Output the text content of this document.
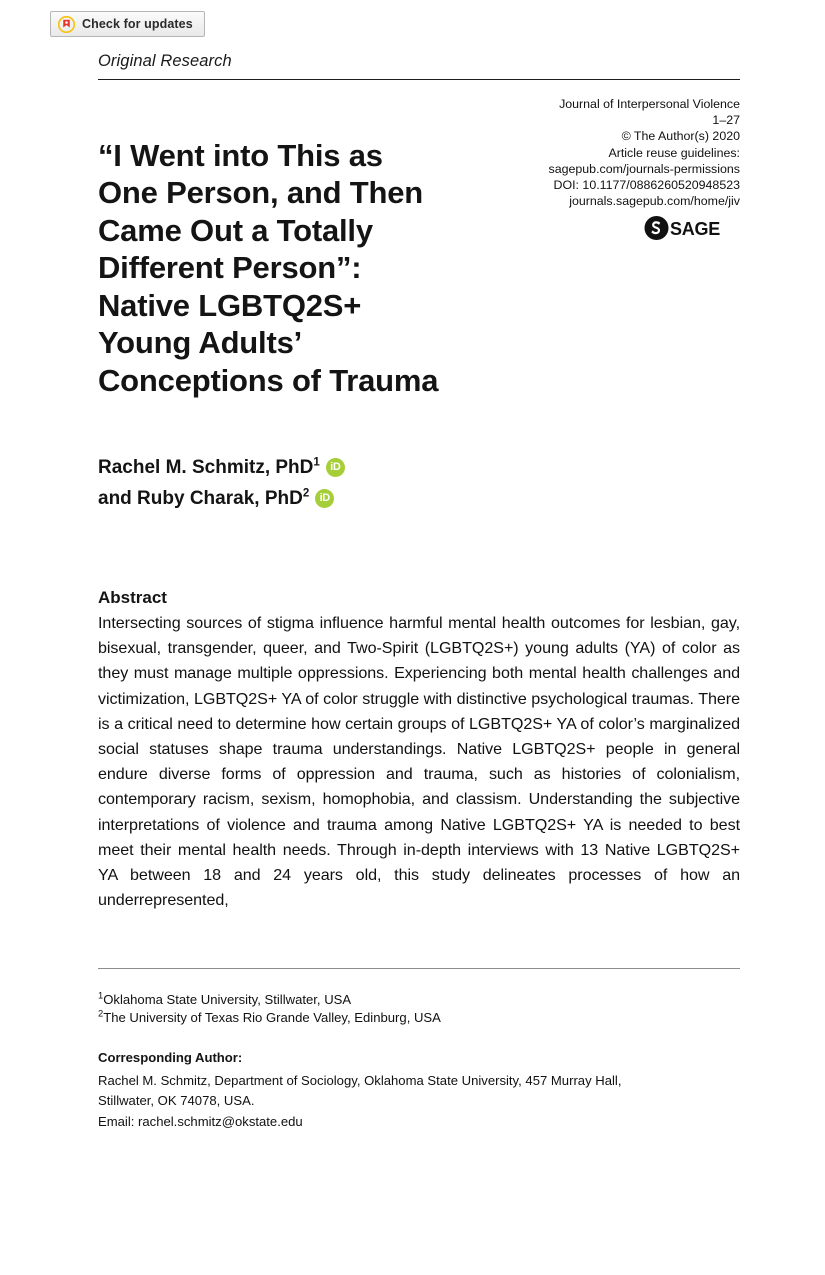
Check for updates
Original Research
Journal of Interpersonal Violence
1–27
© The Author(s) 2020
Article reuse guidelines:
sagepub.com/journals-permissions
DOI: 10.1177/0886260520948523
journals.sagepub.com/home/jiv
SAGE
“I Went into This as
One Person, and Then
Came Out a Totally
Different Person”:
Native LGBTQ2S+
Young Adults’
Conceptions of Trauma
Rachel M. Schmitz, PhD$^1$ iD
and Ruby Charak, PhD$^2$ iD
Abstract
Intersecting sources of stigma influence harmful mental health outcomes for lesbian, gay, bisexual, transgender, queer, and Two-Spirit (LGBTQ2S+) young adults (YA) of color as they must manage multiple oppressions. Experiencing both mental health challenges and victimization, LGBTQ2S+ YA of color struggle with distinctive psychological traumas. There is a critical need to determine how certain groups of LGBTQ2S+ YA of color’s marginalized social statuses shape trauma understandings. Native LGBTQ2S+ people in general endure diverse forms of oppression and trauma, such as histories of colonialism, contemporary racism, sexism, homophobia, and classism. Understanding the subjective interpretations of violence and trauma among Native LGBTQ2S+ YA is needed to best meet their mental health needs. Through in-depth interviews with 13 Native LGBTQ2S+ YA between 18 and 24 years old, this study delineates processes of how an underrepresented,
$^1$Oklahoma State University, Stillwater, USA
$^2$The University of Texas Rio Grande Valley, Edinburg, USA
Corresponding Author:
Rachel M. Schmitz, Department of Sociology, Oklahoma State University, 457 Murray Hall,
Stillwater, OK 74078, USA.
Email: rachel.schmitz@okstate.edu
